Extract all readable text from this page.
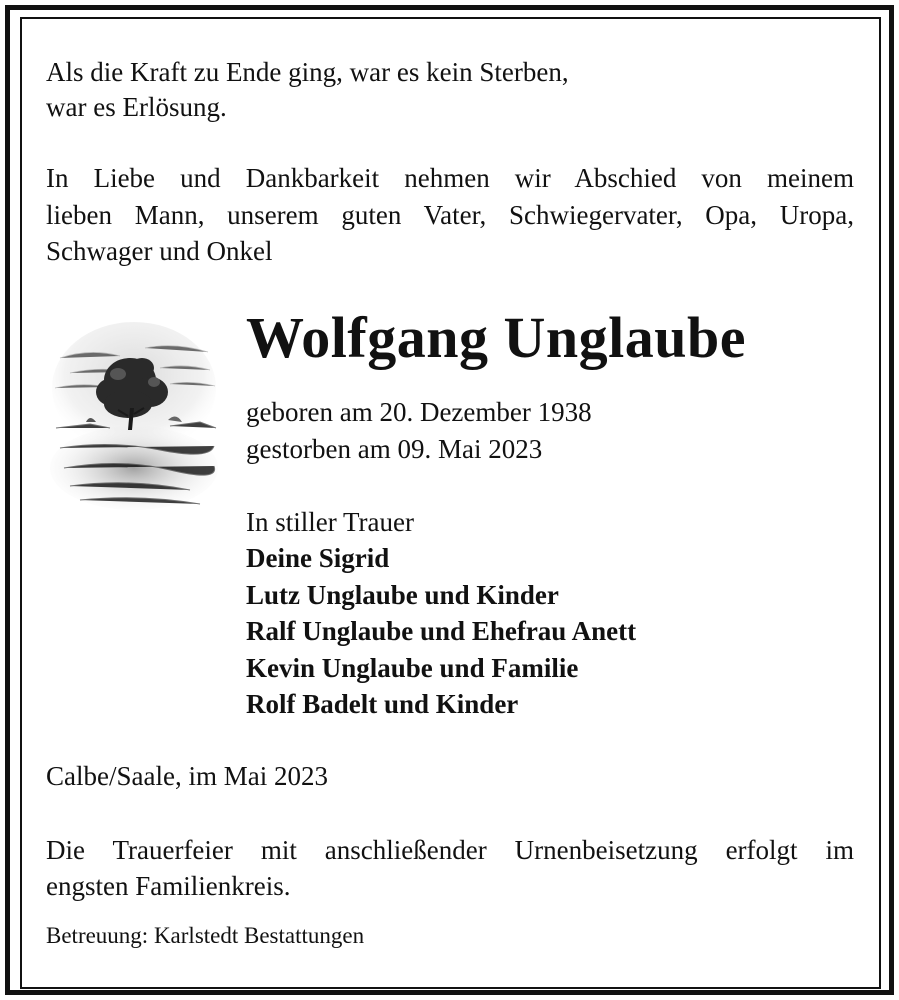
Als die Kraft zu Ende ging, war es kein Sterben,

war es Erlösung.

In Liebe und Dankbarkeit nehmen wir Abschied von meinem

lieben Mann, unserem guten Vater, Schwiegervater, Opa, Uropa,

Schwager und Onkel

Wolfgang Unglaube

geboren am 20. Dezember 1938

gestorben am 09. Mai 2023

In stiller Trauer

Deine Sigrid

Lutz Unglaube und Kinder

Ralf Unglaube und Ehefrau Anett

Kevin Unglaube und Familie

Rolf Badelt und Kinder

Calbe/Saale, im Mai 2023

Die Trauerfeier mit anschließender Urnenbeisetzung erfolgt im

engsten Familienkreis.

Betreuung: Karlstedt Bestattungen
